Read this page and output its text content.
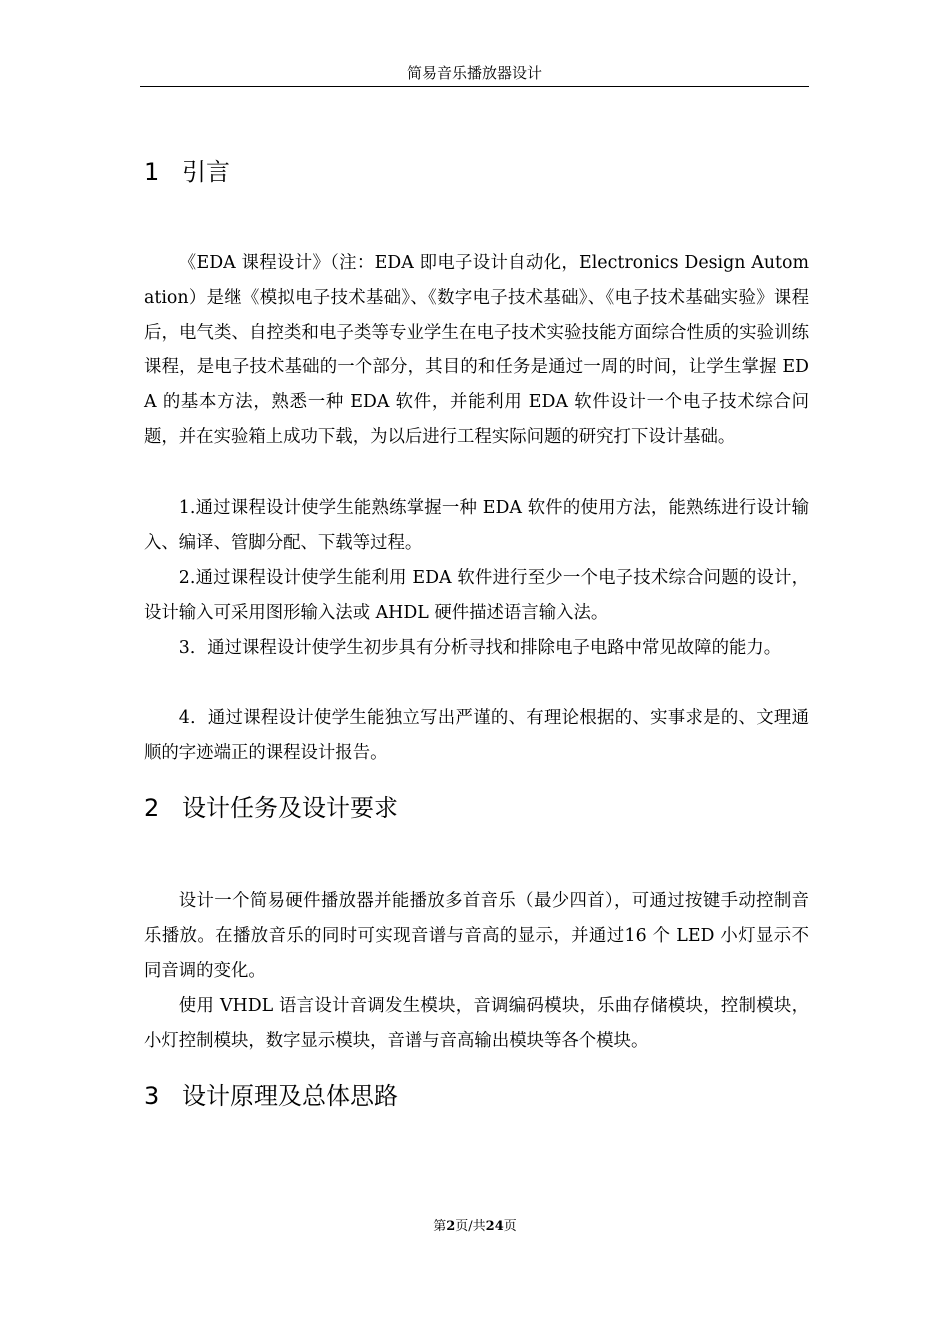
简易音乐播放器设计
1 引言
《EDA 课程设计》（注：EDA 即电子设计自动化，Electronics Design Automation）是继《模拟电子技术基础》、《数字电子技术基础》、《电子技术基础实验》课程后，电气类、自控类和电子类等专业学生在电子技术实验技能方面综合性质的实验训练课程，是电子技术基础的一个部分，其目的和任务是通过一周的时间，让学生掌握 EDA 的基本方法，熟悉一种 EDA 软件，并能利用 EDA 软件设计一个电子技术综合问题，并在实验箱上成功下载，为以后进行工程实际问题的研究打下设计基础。
1.通过课程设计使学生能熟练掌握一种 EDA 软件的使用方法，能熟练进行设计输入、编译、管脚分配、下载等过程。
2.通过课程设计使学生能利用 EDA 软件进行至少一个电子技术综合问题的设计，设计输入可采用图形输入法或 AHDL 硬件描述语言输入法。
3．通过课程设计使学生初步具有分析寻找和排除电子电路中常见故障的能力。
4．通过课程设计使学生能独立写出严谨的、有理论根据的、实事求是的、文理通顺的字迹端正的课程设计报告。
2 设计任务及设计要求
设计一个简易硬件播放器并能播放多首音乐（最少四首），可通过按键手动控制音乐播放。在播放音乐的同时可实现音谱与音高的显示，并通过16 个 LED 小灯显示不同音调的变化。
使用 VHDL 语言设计音调发生模块，音调编码模块，乐曲存储模块，控制模块，小灯控制模块，数字显示模块，音谱与音高输出模块等各个模块。
3 设计原理及总体思路
第2页/共24页
